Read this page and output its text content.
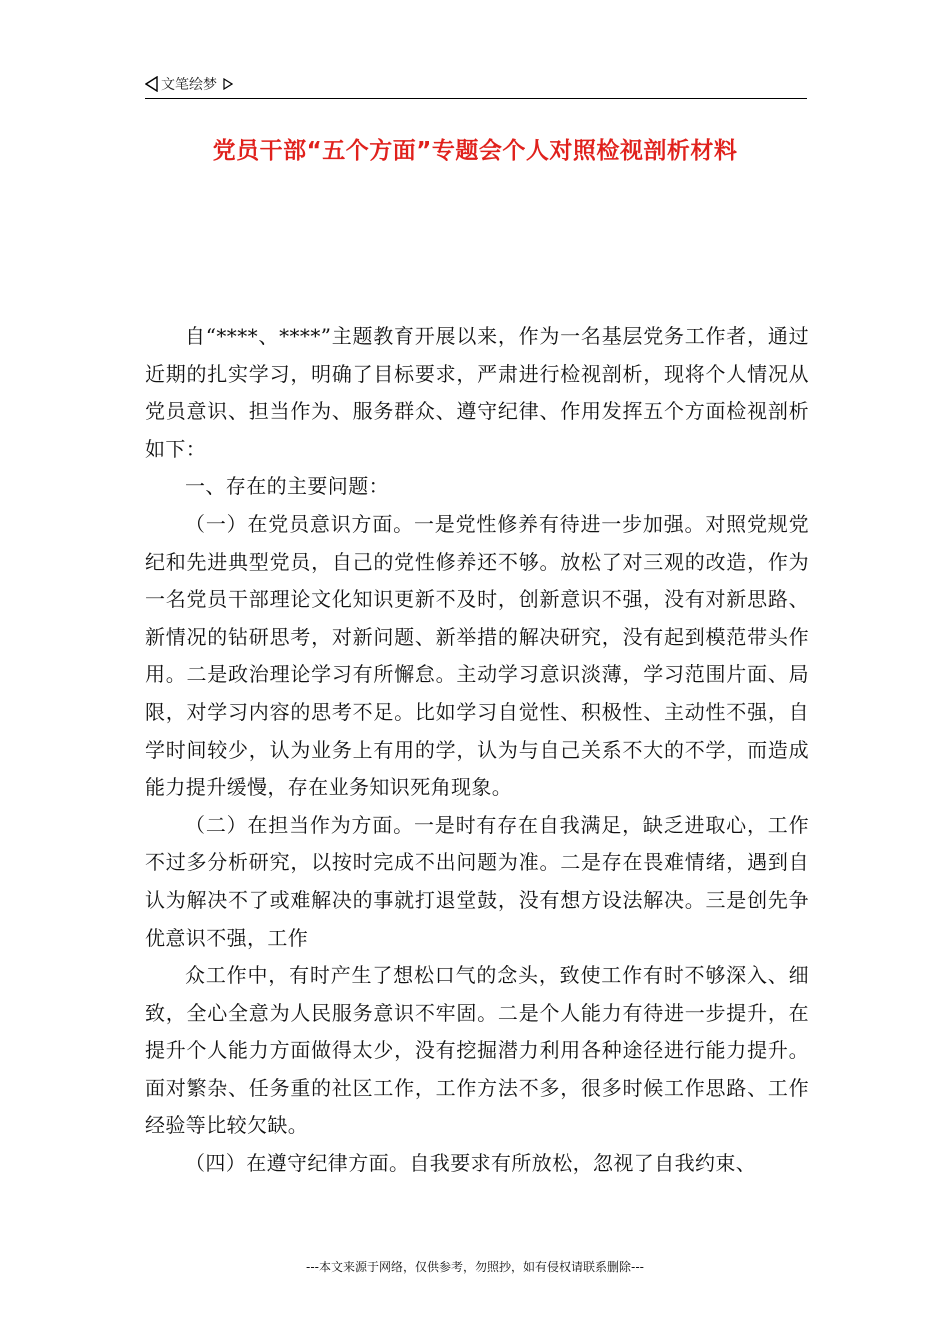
文笔绘梦
党员干部“五个方面”专题会个人对照检视剖析材料

自“****、****”主题教育开展以来，作为一名基层党务工作者，通过近期的扎实学习，明确了目标要求，严肃进行检视剖析，现将个人情况从党员意识、担当作为、服务群众、遵守纪律、作用发挥五个方面检视剖析如下：

一、存在的主要问题：

（一）在党员意识方面。一是党性修养有待进一步加强。对照党规党纪和先进典型党员，自己的党性修养还不够。放松了对三观的改造，作为一名党员干部理论文化知识更新不及时，创新意识不强，没有对新思路、新情况的钻研思考，对新问题、新举措的解决研究，没有起到模范带头作用。二是政治理论学习有所懈怠。主动学习意识淡薄，学习范围片面、局限，对学习内容的思考不足。比如学习自觉性、积极性、主动性不强，自学时间较少，认为业务上有用的学，认为与自己关系不大的不学，而造成能力提升缓慢，存在业务知识死角现象。

（二）在担当作为方面。一是时有存在自我满足，缺乏进取心，工作不过多分析研究，以按时完成不出问题为准。二是存在畏难情绪，遇到自认为解决不了或难解决的事就打退堂鼓，没有想方设法解决。三是创先争优意识不强，工作

众工作中，有时产生了想松口气的念头，致使工作有时不够深入、细致，全心全意为人民服务意识不牢固。二是个人能力有待进一步提升，在提升个人能力方面做得太少，没有挖掘潜力利用各种途径进行能力提升。面对繁杂、任务重的社区工作，工作方法不多，很多时候工作思路、工作经验等比较欠缺。

（四）在遵守纪律方面。自我要求有所放松，忽视了自我约束、

---本文来源于网络，仅供参考，勿照抄，如有侵权请联系删除---
